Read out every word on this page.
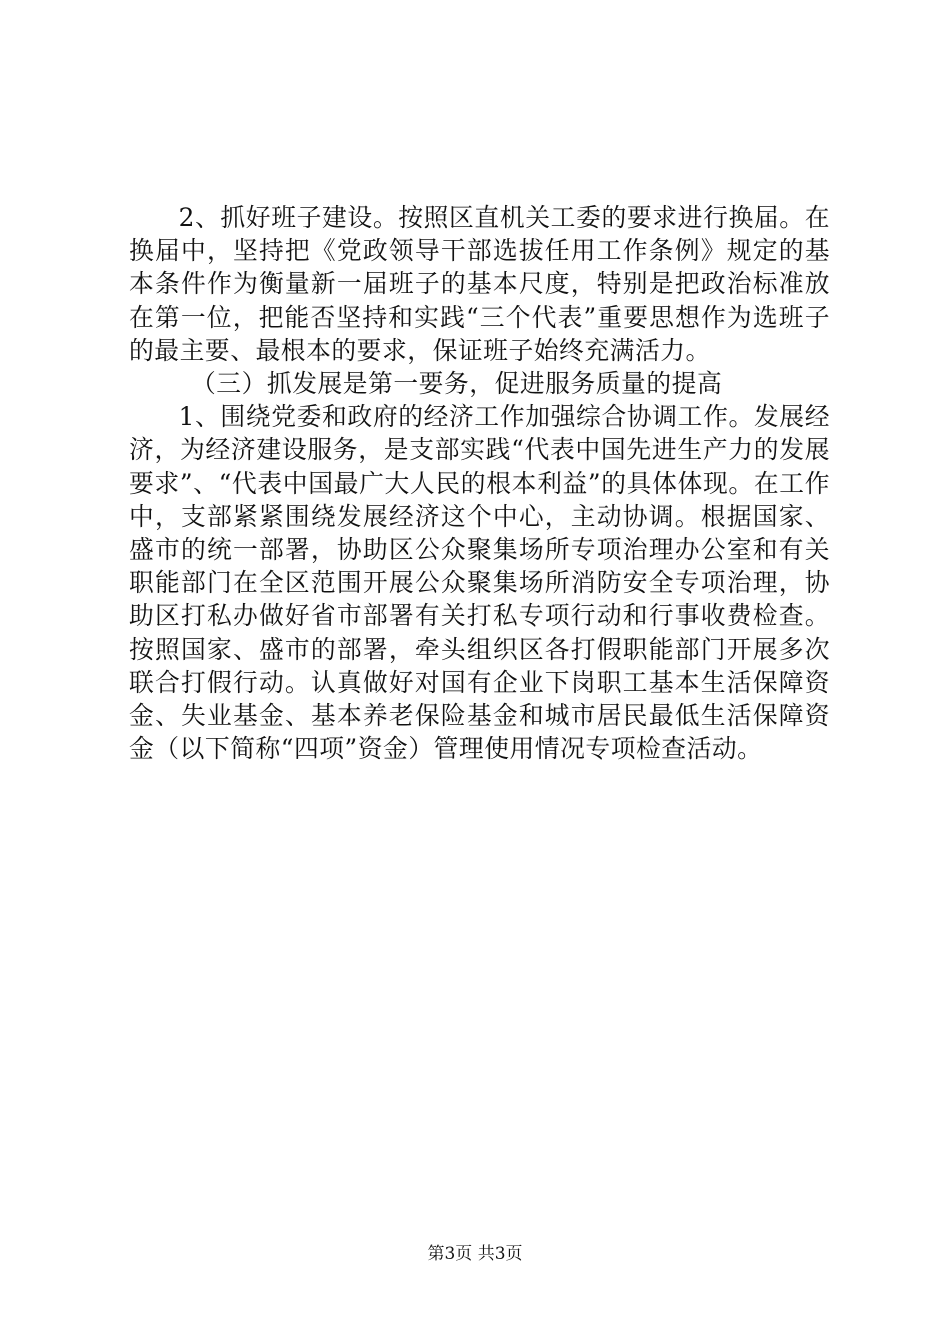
2、抓好班子建设。按照区直机关工委的要求进行换届。在换届中，坚持把《党政领导干部选拔任用工作条例》规定的基本条件作为衡量新一届班子的基本尺度，特别是把政治标准放在第一位，把能否坚持和实践“三个代表”重要思想作为选班子的最主要、最根本的要求，保证班子始终充满活力。

（三）抓发展是第一要务，促进服务质量的提高

1、围绕党委和政府的经济工作加强综合协调工作。发展经济，为经济建设服务，是支部实践“代表中国先进生产力的发展要求”、“代表中国最广大人民的根本利益”的具体体现。在工作中，支部紧紧围绕发展经济这个中心，主动协调。根据国家、盛市的统一部署，协助区公众聚集场所专项治理办公室和有关职能部门在全区范围开展公众聚集场所消防安全专项治理，协助区打私办做好省市部署有关打私专项行动和行事收费检查。按照国家、盛市的部署，牵头组织区各打假职能部门开展多次联合打假行动。认真做好对国有企业下岗职工基本生活保障资金、失业基金、基本养老保险基金和城市居民最低生活保障资金（以下简称“四项”资金）管理使用情况专项检查活动。

第3页 共3页
